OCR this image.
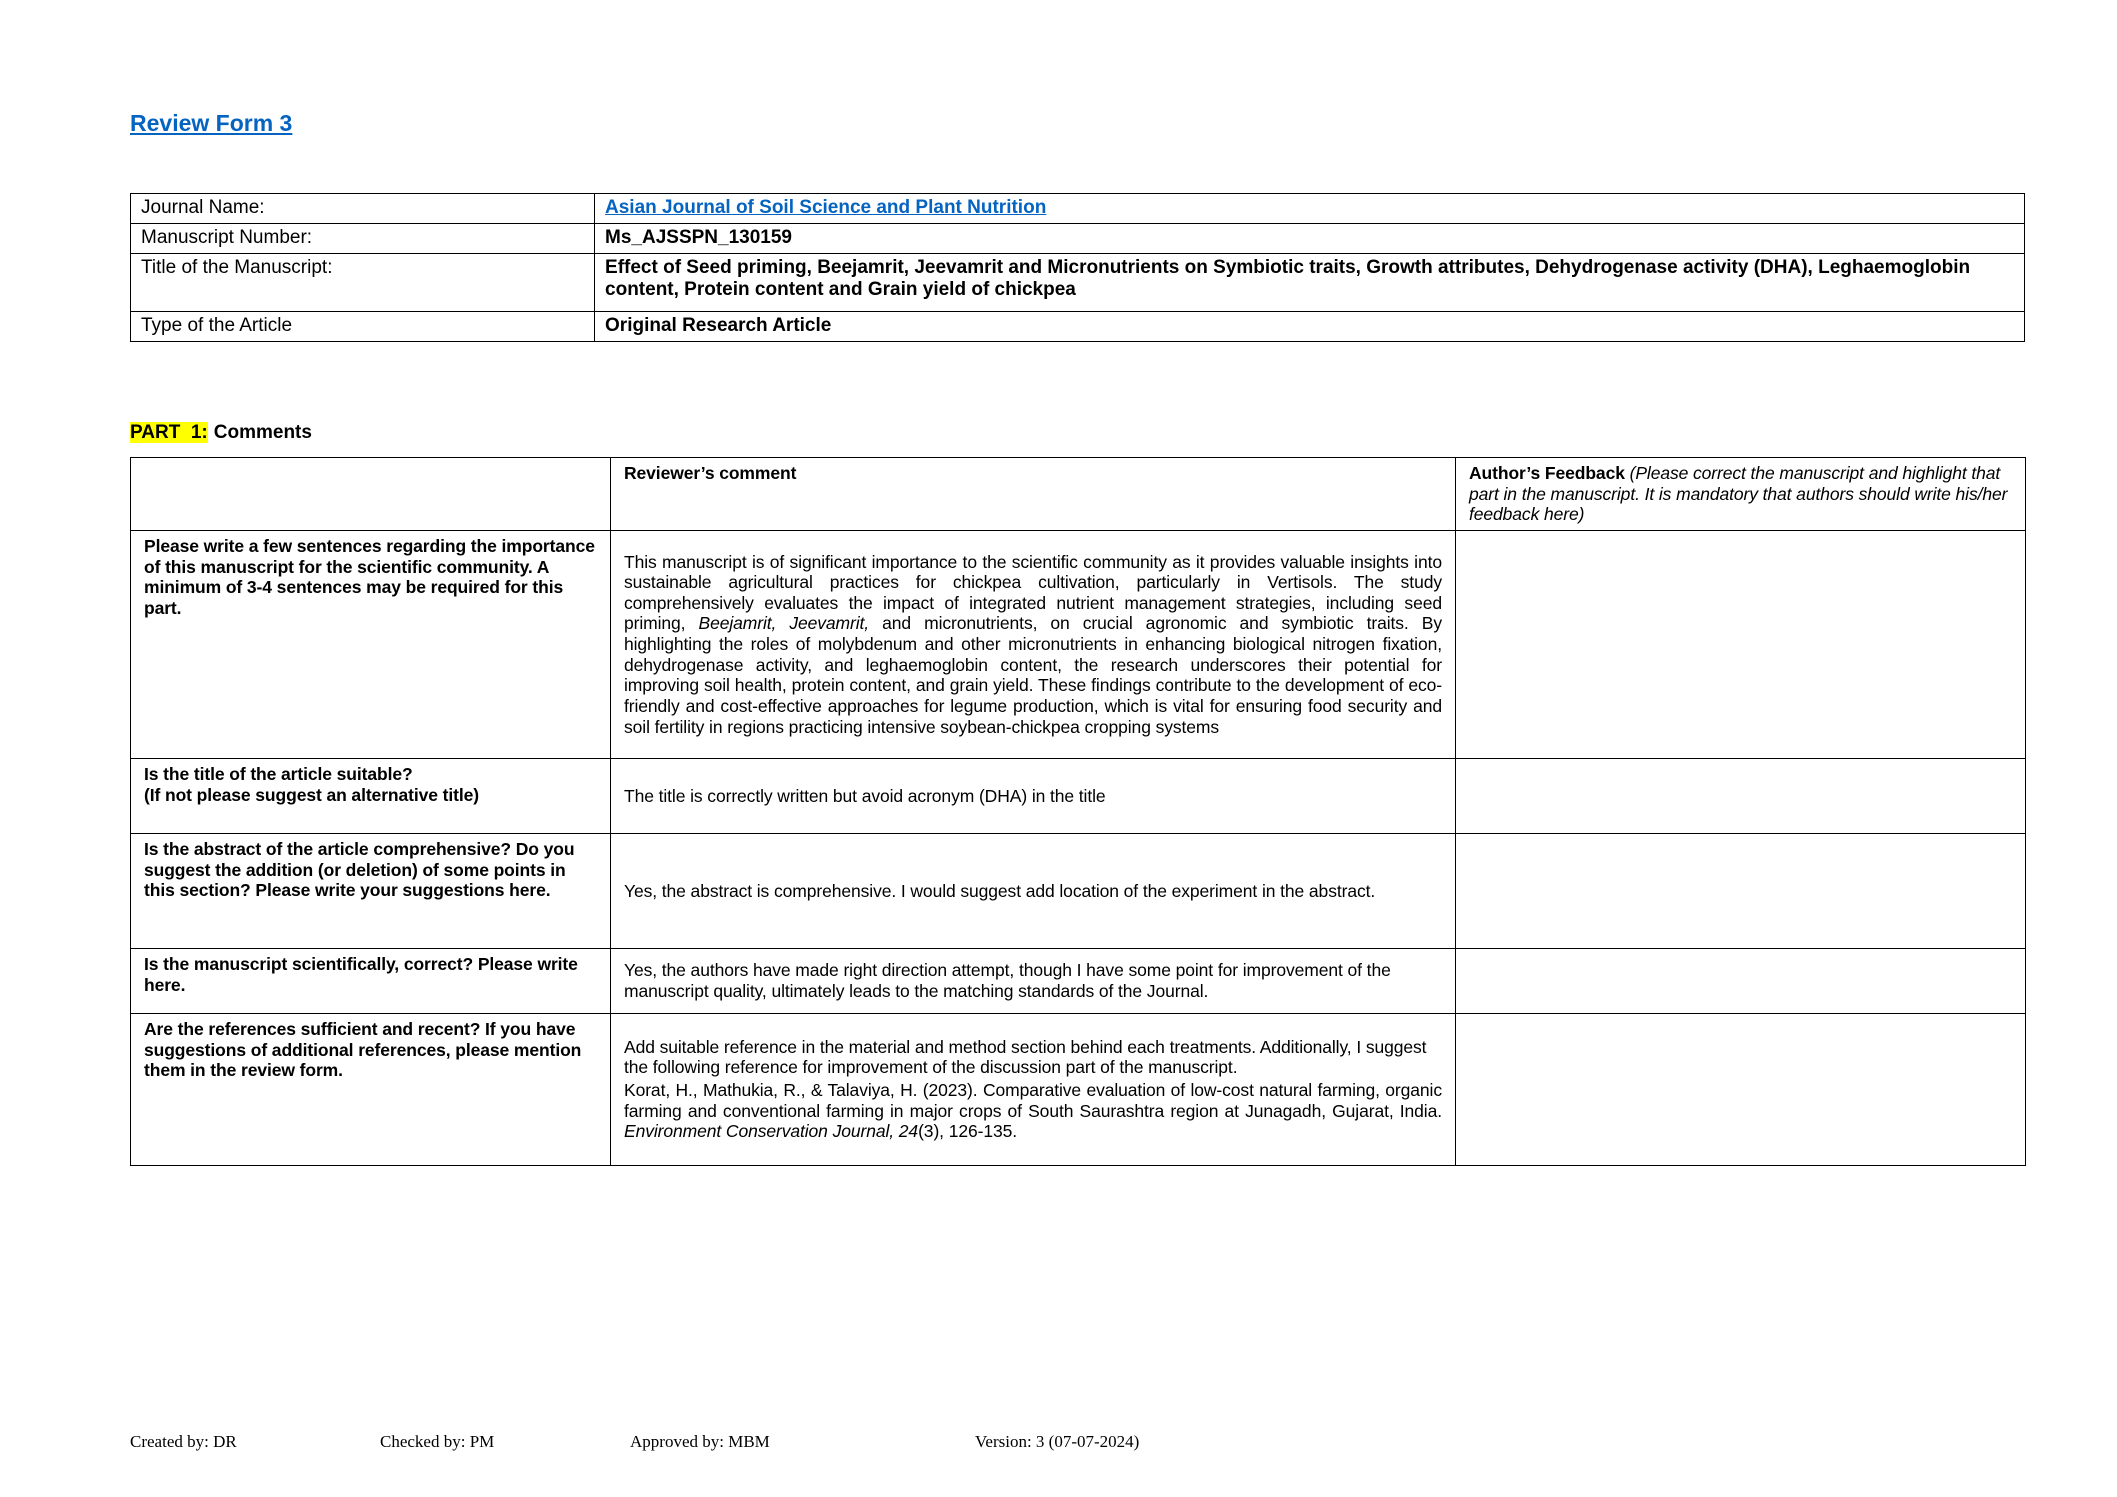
Review Form 3
Journal Name:	Asian Journal of Soil Science and Plant Nutrition
Manuscript Number:	Ms_AJSSPN_130159
Title of the Manuscript:	Effect of Seed priming, Beejamrit, Jeevamrit and Micronutrients on Symbiotic traits, Growth attributes, Dehydrogenase activity (DHA), Leghaemoglobin content, Protein content and Grain yield of chickpea
Type of the Article	Original Research Article
PART  1: Comments
	Reviewer’s comment	Author’s Feedback (Please correct the manuscript and highlight that part in the manuscript. It is mandatory that authors should write his/her feedback here)
Please write a few sentences regarding the importance of this manuscript for the scientific community. A minimum of 3-4 sentences may be required for this part.	This manuscript is of significant importance to the scientific community as it provides valuable insights into sustainable agricultural practices for chickpea cultivation, particularly in Vertisols. The study comprehensively evaluates the impact of integrated nutrient management strategies, including seed priming, Beejamrit, Jeevamrit, and micronutrients, on crucial agronomic and symbiotic traits. By highlighting the roles of molybdenum and other micronutrients in enhancing biological nitrogen fixation, dehydrogenase activity, and leghaemoglobin content, the research underscores their potential for improving soil health, protein content, and grain yield. These findings contribute to the development of eco-friendly and cost-effective approaches for legume production, which is vital for ensuring food security and soil fertility in regions practicing intensive soybean-chickpea cropping systems	

Is the title of the article suitable?
(If not please suggest an alternative title)	The title is correctly written but avoid acronym (DHA) in the title	
Is the abstract of the article comprehensive? Do you suggest the addition (or deletion) of some points in this section? Please write your suggestions here.	Yes, the abstract is comprehensive. I would suggest add location of the experiment in the abstract.	
Is the manuscript scientifically, correct? Please write here.	Yes, the authors have made right direction attempt, though I have some point for improvement of the manuscript quality, ultimately leads to the matching standards of the Journal.	
Are the references sufficient and recent? If you have suggestions of additional references, please mention them in the review form.	Add suitable reference in the material and method section behind each treatments. Additionally, I suggest the following reference for improvement of the discussion part of the manuscript.
Korat, H., Mathukia, R., & Talaviya, H. (2023). Comparative evaluation of low-cost natural farming, organic farming and conventional farming in major crops of South Saurashtra region at Junagadh, Gujarat, India. Environment Conservation Journal, 24(3), 126-135.	

Created by: DR	Checked by: PM	Approved by: MBM	Version: 3 (07-07-2024)
